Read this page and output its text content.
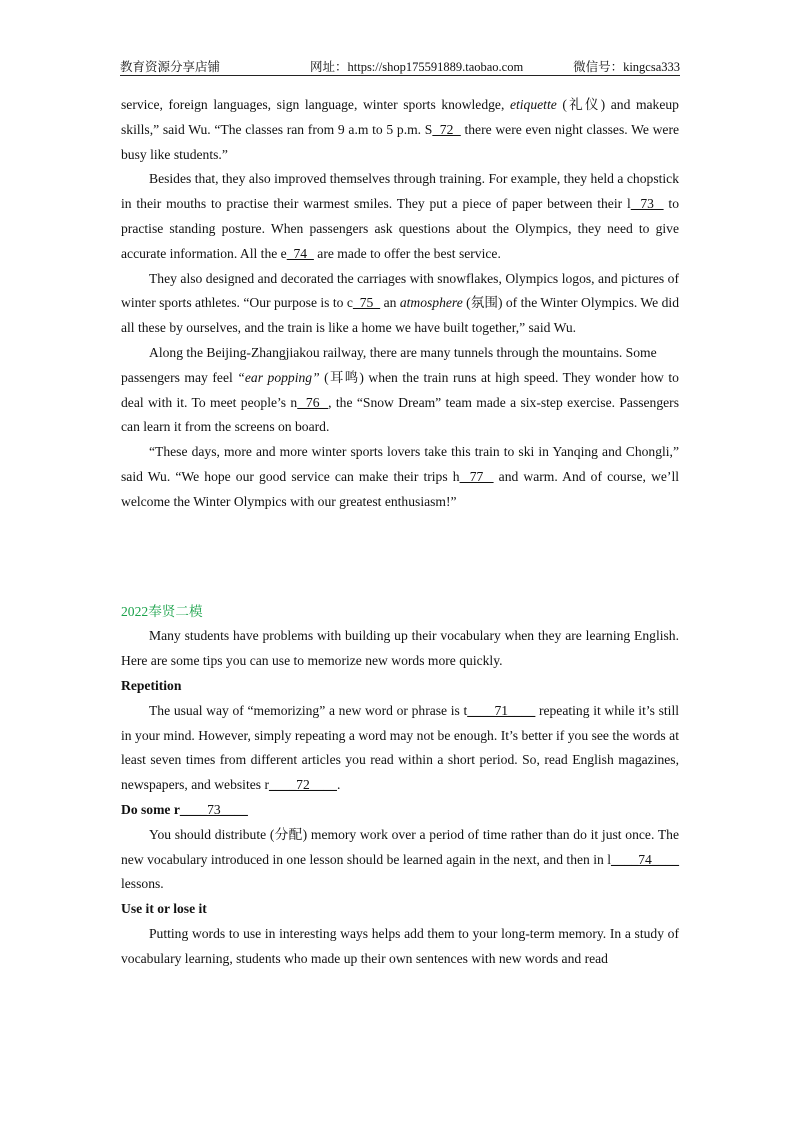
教育资源分享店铺	网址：https://shop175591889.taobao.com	微信号：kingcsa333

service, foreign languages, sign language, winter sports knowledge, etiquette (礼仪) and makeup skills,” said Wu. “The classes ran from 9 a.m to 5 p.m. S  72   there were even night classes. We were busy like students.”

Besides that, they also improved themselves through training. For example, they held a chopstick in their mouths to practise their warmest smiles. They put a piece of paper between their l  73   to practise standing posture. When passengers ask questions about the Olympics, they need to give accurate information. All the e  74   are made to offer the best service.

They also designed and decorated the carriages with snowflakes, Olympics logos, and pictures of winter sports athletes. “Our purpose is to c  75   an atmosphere (氛围) of the Winter Olympics. We did all these by ourselves, and the train is like a home we have built together,” said Wu.

Along the Beijing-Zhangjiakou railway, there are many tunnels through the mountains. Some

passengers may feel “ear popping” (耳鸣) when the train runs at high speed. They wonder how to deal with it. To meet people’s n  76  , the “Snow Dream” team made a six-step exercise. Passengers can learn it from the screens on board.

“These days, more and more winter sports lovers take this train to ski in Yanqing and Chongli,” said Wu. “We hope our good service can make their trips h  77   and warm. And of course, we’ll welcome the Winter Olympics with our greatest enthusiasm!”

2022奉贤二模

Many students have problems with building up their vocabulary when they are learning English. Here are some tips you can use to memorize new words more quickly.

Repetition

The usual way of “memorizing” a new word or phrase is t____71____ repeating it while it’s still in your mind. However, simply repeating a word may not be enough. It’s better if you see the words at least seven times from different articles you read within a short period. So, read English magazines, newspapers, and websites r____72____.

Do some r____73____

You should distribute (分配) memory work over a period of time rather than do it just once. The new vocabulary introduced in one lesson should be learned again in the next, and then in l____74____ lessons.

Use it or lose it

Putting words to use in interesting ways helps add them to your long-term memory. In a study of vocabulary learning, students who made up their own sentences with new words and read
